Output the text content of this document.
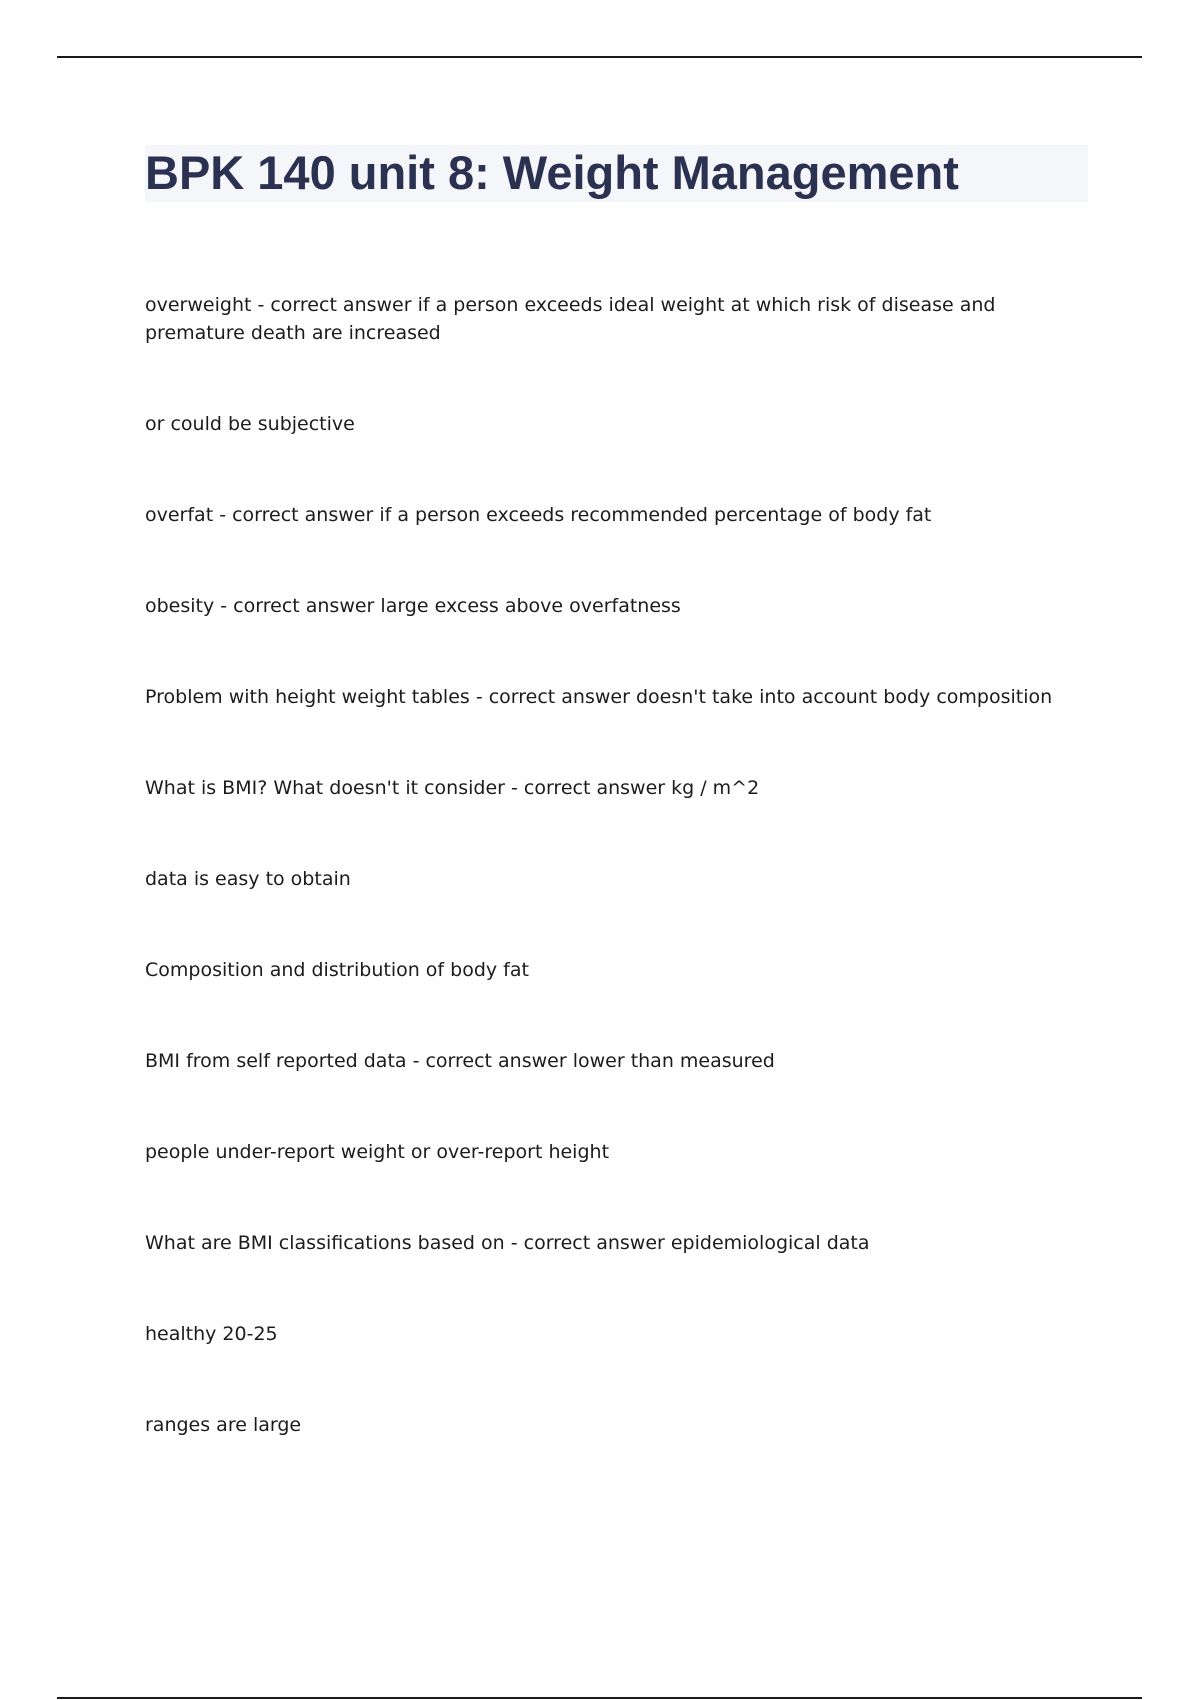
BPK 140 unit 8: Weight Management
overweight - correct answer if a person exceeds ideal weight at which risk of disease and premature death are increased
or could be subjective
overfat - correct answer if a person exceeds recommended percentage of body fat
obesity - correct answer large excess above overfatness
Problem with height weight tables - correct answer doesn't take into account body composition
What is BMI? What doesn't it consider - correct answer kg / m^2
data is easy to obtain
Composition and distribution of body fat
BMI from self reported data - correct answer lower than measured
people under-report weight or over-report height
What are BMI classifications based on - correct answer epidemiological data
healthy 20-25
ranges are large
